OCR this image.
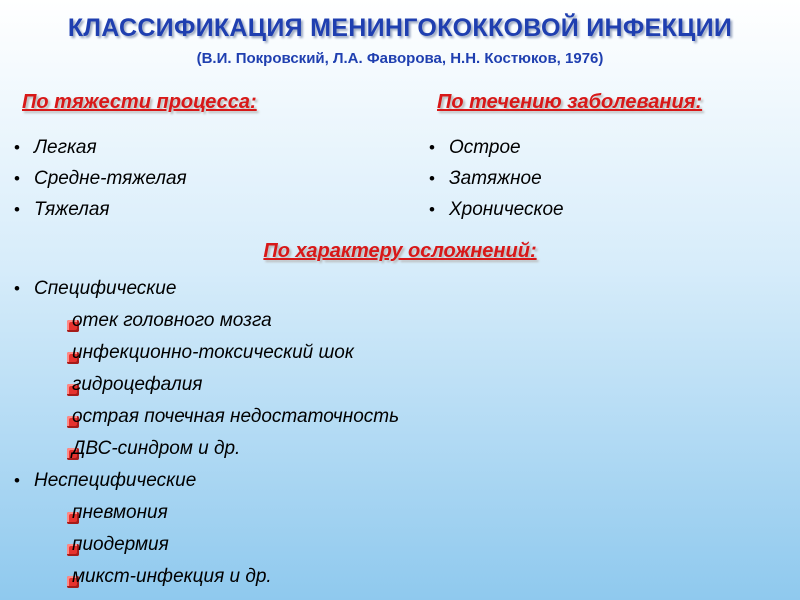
КЛАССИФИКАЦИЯ МЕНИНГОКОККОВОЙ ИНФЕКЦИИ
(В.И. Покровский, Л.А. Фаворова, Н.Н. Костюков, 1976)
По тяжести процесса:
• Легкая
• Средне-тяжелая
• Тяжелая
По течению заболевания:
• Острое
• Затяжное
• Хроническое
По характеру осложнений:
• Специфические
отек головного мозга
инфекционно-токсический шок
гидроцефалия
острая почечная недостаточность
ДВС-синдром и др.
• Неспецифические
пневмония
пиодермия
микст-инфекция и др.
